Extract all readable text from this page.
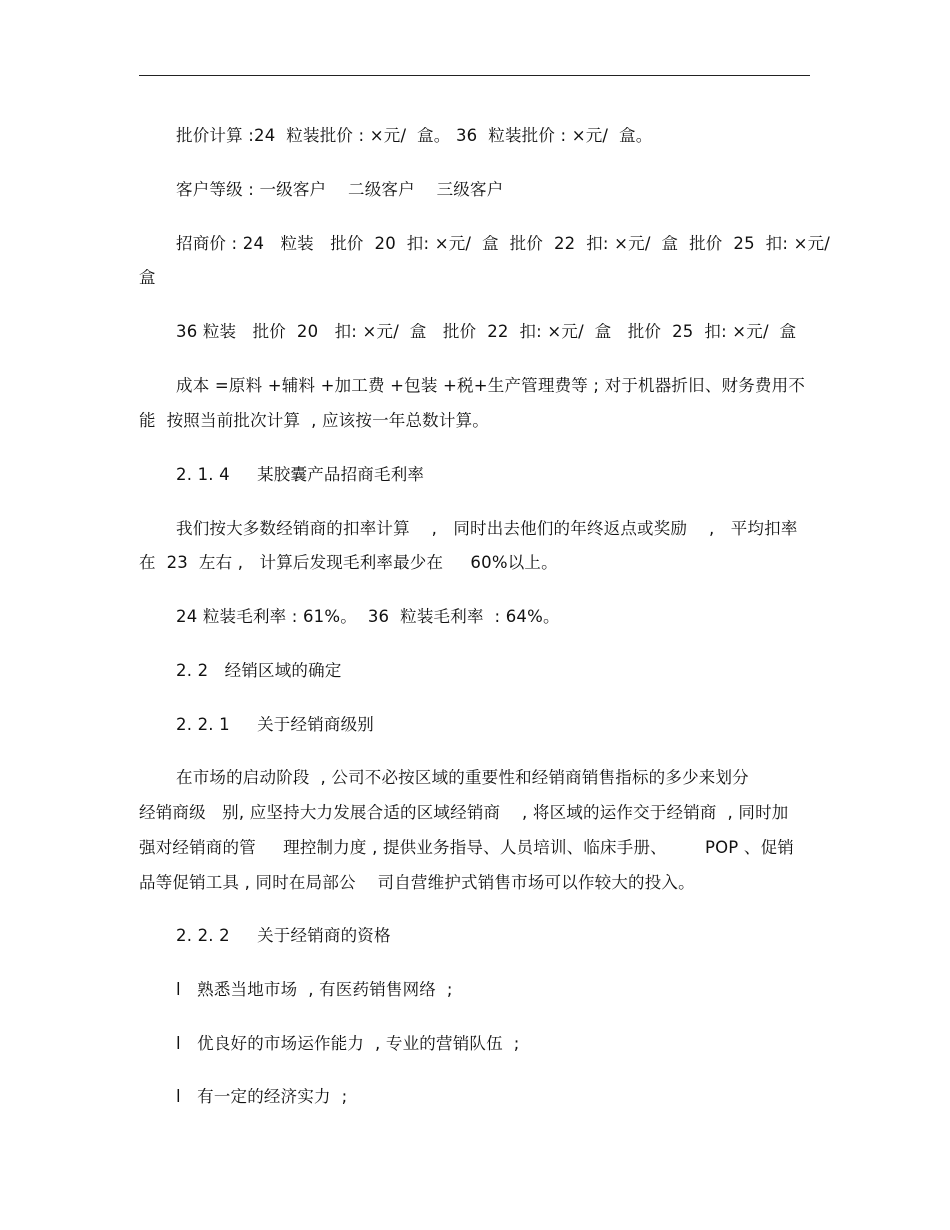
批价计算 :24  粒装批价 : ×元/  盒。 36  粒装批价 : ×元/  盒。
客户等级 : 一级客户    二级客户    三级客户
招商价 : 24   粒装   批价  20  扣: ×元/  盒  批价  22  扣: ×元/  盒  批价  25  扣: ×元/
盒
36 粒装   批价  20   扣: ×元/  盒   批价  22  扣: ×元/  盒   批价  25  扣: ×元/  盒
成本 =原料 +辅料 +加工费 +包装 +税+生产管理费等 ; 对于机器折旧、财务费用不
能  按照当前批次计算  , 应该按一年总数计算。
2. 1. 4     某胶囊产品招商毛利率
我们按大多数经销商的扣率计算    ,   同时出去他们的年终返点或奖励    ,   平均扣率
在  23  左右 ,   计算后发现毛利率最少在     60%以上。
24 粒装毛利率 : 61%。  36  粒装毛利率  : 64%。
2. 2   经销区域的确定
2. 2. 1     关于经销商级别
在市场的启动阶段  , 公司不必按区域的重要性和经销商销售指标的多少来划分
经销商级   别, 应坚持大力发展合适的区域经销商    , 将区域的运作交于经销商  , 同时加
强对经销商的管     理控制力度 , 提供业务指导、人员培训、临床手册、       POP 、促销
品等促销工具 , 同时在局部公    司自营维护式销售市场可以作较大的投入。
2. 2. 2     关于经销商的资格
l   熟悉当地市场  , 有医药销售网络  ;
l   优良好的市场运作能力  , 专业的营销队伍  ;
l   有一定的经济实力  ;
